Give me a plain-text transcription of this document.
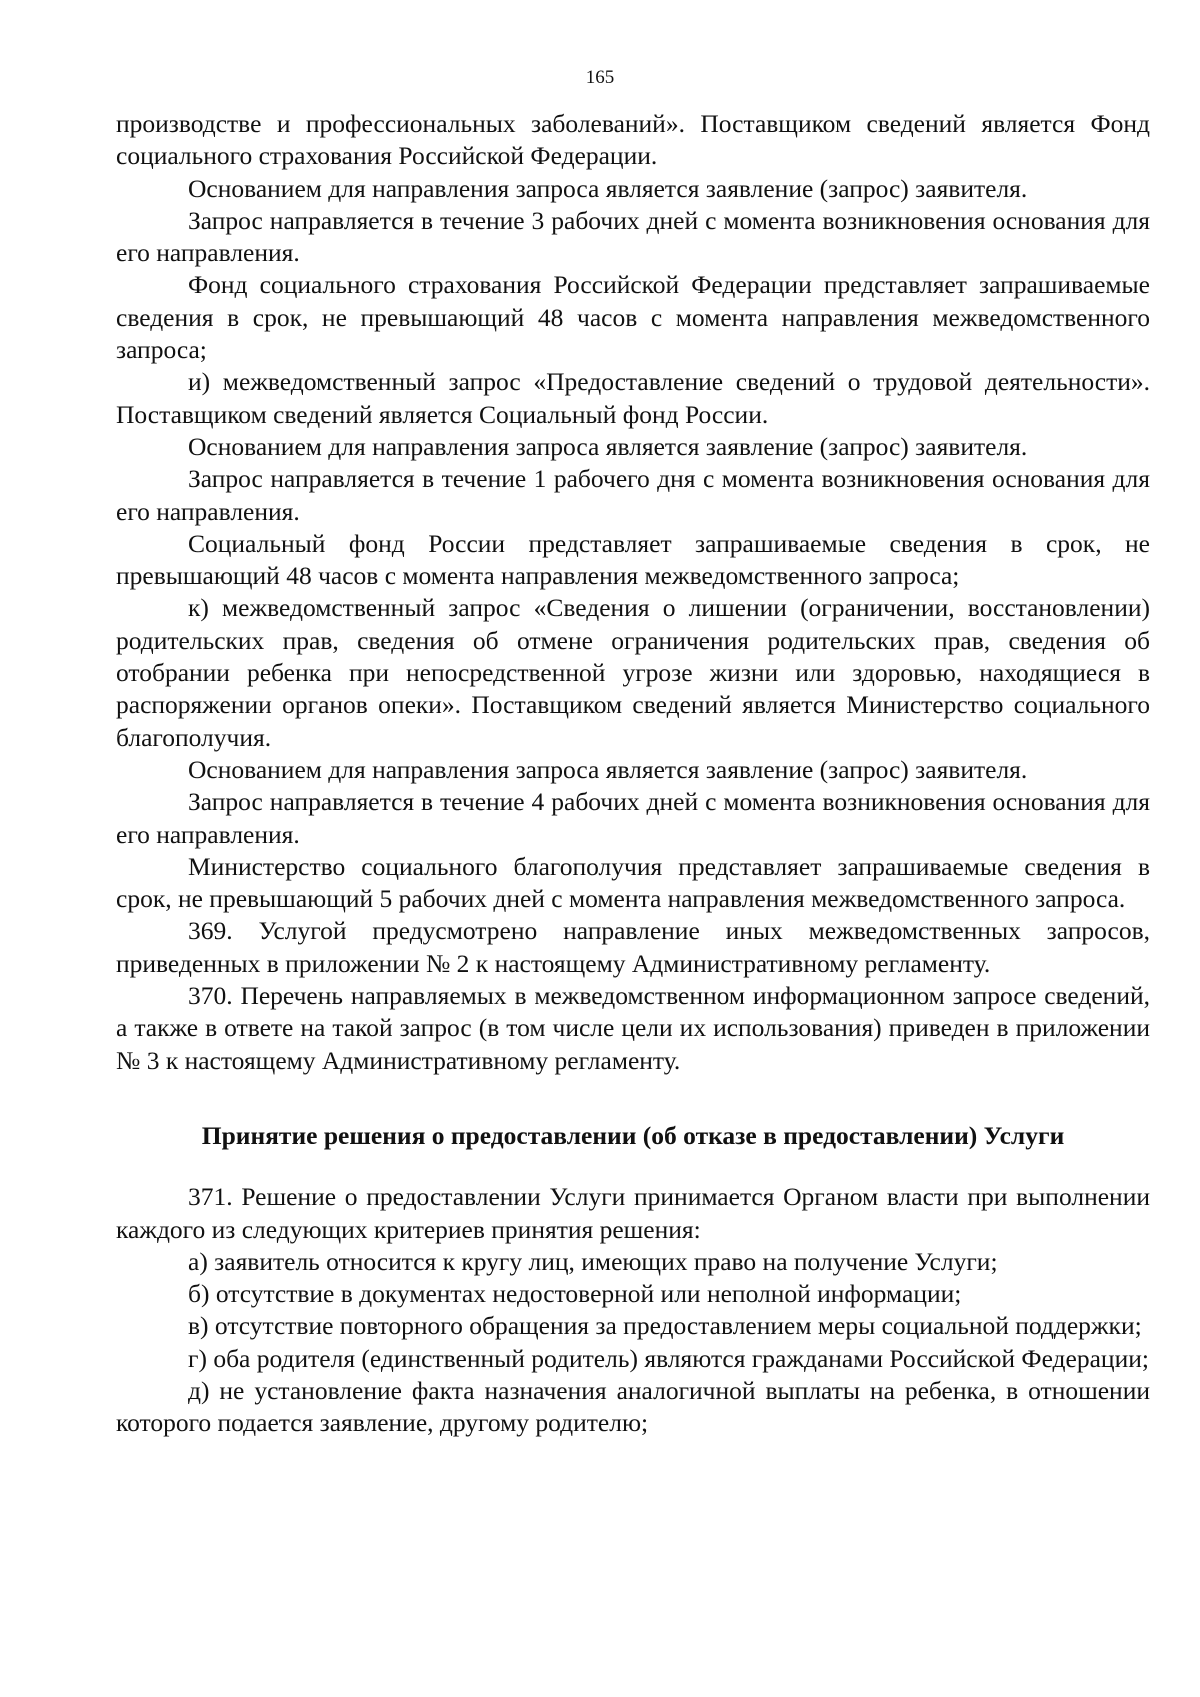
165

производстве и профессиональных заболеваний». Поставщиком сведений является Фонд социального страхования Российской Федерации.

Основанием для направления запроса является заявление (запрос) заявителя.

Запрос направляется в течение 3 рабочих дней с момента возникновения основания для его направления.

Фонд социального страхования Российской Федерации представляет запрашиваемые сведения в срок, не превышающий 48 часов с момента направления межведомственного запроса;

и) межведомственный запрос «Предоставление сведений о трудовой деятельности». Поставщиком сведений является Социальный фонд России.

Основанием для направления запроса является заявление (запрос) заявителя.

Запрос направляется в течение 1 рабочего дня с момента возникновения основания для его направления.

Социальный фонд России представляет запрашиваемые сведения в срок, не превышающий 48 часов с момента направления межведомственного запроса;

к) межведомственный запрос «Сведения о лишении (ограничении, восстановлении) родительских прав, сведения об отмене ограничения родительских прав, сведения об отобрании ребенка при непосредственной угрозе жизни или здоровью, находящиеся в распоряжении органов опеки». Поставщиком сведений является Министерство социального благополучия.

Основанием для направления запроса является заявление (запрос) заявителя.

Запрос направляется в течение 4 рабочих дней с момента возникновения основания для его направления.

Министерство социального благополучия представляет запрашиваемые сведения в срок, не превышающий 5 рабочих дней с момента направления межведомственного запроса.

369. Услугой предусмотрено направление иных межведомственных запросов, приведенных в приложении № 2 к настоящему Административному регламенту.

370. Перечень направляемых в межведомственном информационном запросе сведений, а также в ответе на такой запрос (в том числе цели их использования) приведен в приложении № 3 к настоящему Административному регламенту.

Принятие решения о предоставлении (об отказе в предоставлении) Услуги

371. Решение о предоставлении Услуги принимается Органом власти при выполнении каждого из следующих критериев принятия решения:

а) заявитель относится к кругу лиц, имеющих право на получение Услуги;

б) отсутствие в документах недостоверной или неполной информации;

в) отсутствие повторного обращения за предоставлением меры социальной поддержки;

г) оба родителя (единственный родитель) являются гражданами Российской Федерации;

д) не установление факта назначения аналогичной выплаты на ребенка, в отношении которого подается заявление, другому родителю;
